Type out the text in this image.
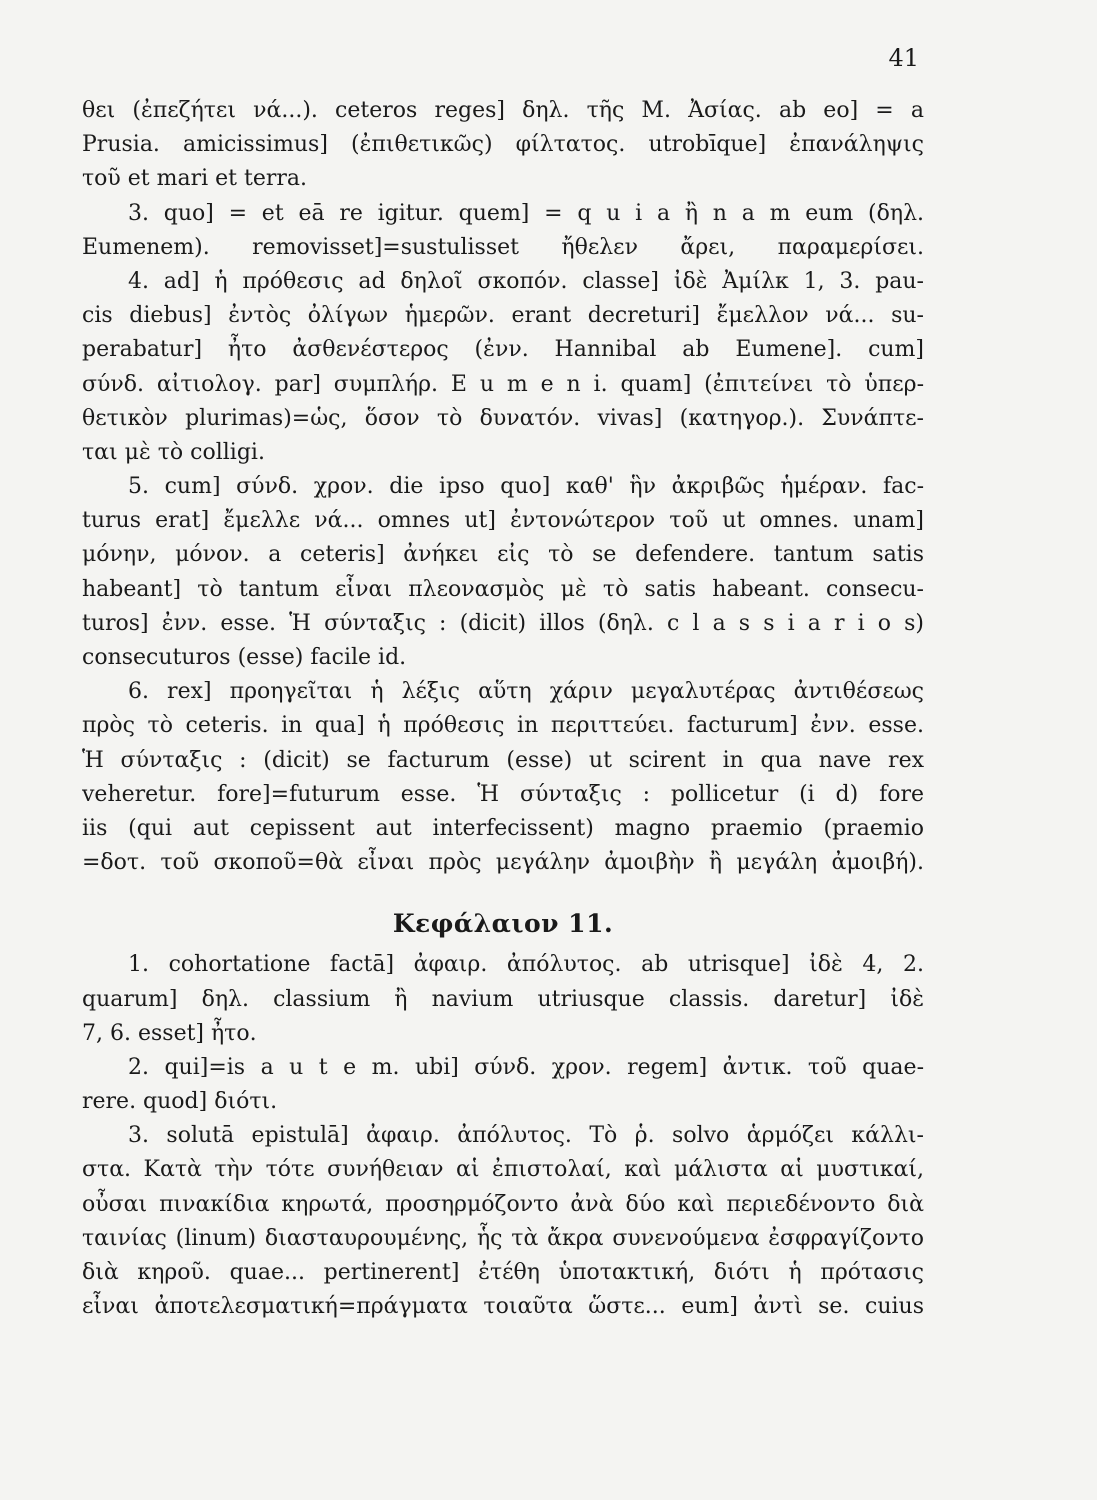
41
θει (ἐπεζήτει νά...). ceteros reges] δηλ. τῆς Μ. Ἀσίας. ab eo] = a
Prusia. amicissimus] (ἐπιθετικῶς) φίλτατος. utrobīque] ἐπανάληψις
τοῦ et mari et terra.
3. quo] = et eā re igitur. quem] = q u i a ἢ n a m eum (δηλ.
Eumenem). removisset]=sustulisset ἤθελεν ἄρει, παραμερίσει.
4. ad] ἡ πρόθεσις ad δηλοῖ σκοπόν. classe] ἰδὲ Ἀμίλκ 1, 3. pau-
cis diebus] ἐντὸς ὀλίγων ἡμερῶν. erant decreturi] ἔμελλον νά... su-
perabatur] ἦτο ἀσθενέστερος (ἐνν. Hannibal ab Eumene]. cum]
σύνδ. αἰτιολογ. par] συμπλήρ. E u m e n i. quam] (ἐπιτείνει τὸ ὑπερ-
θετικὸν plurimas)=ὡς, ὅσον τὸ δυνατόν. vivas] (κατηγορ.). Συνάπτε-
ται μὲ τὸ colligi.
5. cum] σύνδ. χρον. die ipso quo] καθ' ἣν ἀκριβῶς ἡμέραν. fac-
turus erat] ἔμελλε νά... omnes ut] ἐντονώτερον τοῦ ut omnes. unam]
μόνην, μόνον. a ceteris] ἀνήκει εἰς τὸ se defendere. tantum satis
habeant] τὸ tantum εἶναι πλεονασμὸς μὲ τὸ satis habeant. consecu-
turos] ἐνν. esse. Ἡ σύνταξις : (dicit) illos (δηλ. c l a s s i a r i o s)
consecuturos (esse) facile id.
6. rex] προηγεῖται ἡ λέξις αὕτη χάριν μεγαλυτέρας ἀντιθέσεως
πρὸς τὸ ceteris. in qua] ἡ πρόθεσις in περιττεύει. facturum] ἐνν. esse.
Ἡ σύνταξις : (dicit) se facturum (esse) ut scirent in qua nave rex
veheretur. fore]=futurum esse. Ἡ σύνταξις : pollicetur (i d) fore
iis (qui aut cepissent aut interfecissent) magno praemio (praemio
=δοτ. τοῦ σκοποῦ=θὰ εἶναι πρὸς μεγάλην ἀμοιβὴν ἢ μεγάλη ἀμοιβή).
Κεφάλαιον 11.
1. cohortatione factā] ἀφαιρ. ἀπόλυτος. ab utrisque] ἰδὲ 4, 2.
quarum] δηλ. classium ἢ navium utriusque classis. daretur] ἰδὲ
7, 6. esset] ἦτο.
2. qui]=is a u t e m. ubi] σύνδ. χρον. regem] ἀντικ. τοῦ quae-
rere. quod] διότι.
3. solutā epistulā] ἀφαιρ. ἀπόλυτος. Τὸ ῥ. solvo ἁρμόζει κάλλι-
στα. Κατὰ τὴν τότε συνήθειαν αἱ ἐπιστολαί, καὶ μάλιστα αἱ μυστικαί,
οὖσαι πινακίδια κηρωτά, προσηρμόζοντο ἀνὰ δύο καὶ περιεδένοντο διὰ
ταινίας (linum) διασταυρουμένης, ἧς τὰ ἄκρα συνενούμενα ἐσφραγίζοντο
διὰ κηροῦ. quae... pertinerent] ἐτέθη ὑποτακτική, διότι ἡ πρότασις
εἶναι ἀποτελεσματική=πράγματα τοιαῦτα ὥστε... eum] ἀντὶ se. cuius
